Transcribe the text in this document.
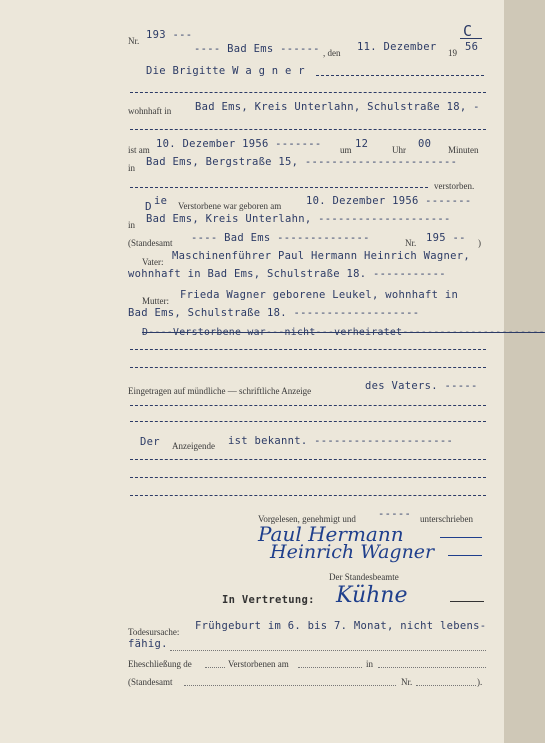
Nr. 193 ---	C
---- Bad Ems ------ , den 11. Dezember 19 56
Die Brigitte W a g n e r
wohnhaft in Bad Ems, Kreis Unterlahn, Schulstraße 18, -
ist am 10. Dezember 1956 ------- um 12	Uhr 00 Minuten
in Bad Ems, Bergstraße 15, -----------------------
verstorben.
D ie Verstorbene war geboren am 10. Dezember 1956 -------
in Bad Ems, Kreis Unterlahn, --------------------
(Standesamt ---- Bad Ems --------------	Nr. 195 -- )
Vater: Maschinenführer Paul Hermann Heinrich Wagner,
wohnhaft in Bad Ems, Schulstraße 18. -----------
Mutter: Frieda Wagner geborene Leukel, wohnhaft in
Bad Ems, Schulstraße 18. -------------------
D----Verstorbene war---nicht---verheiratet-----------------------
Eingetragen auf mündliche — schriftliche Anzeige	des Vaters. -----
Der Anzeigende ist bekannt. ---------------------
Vorgelesen, genehmigt und ----- unterschrieben
Paul Hermann
Heinrich Wagner
Der Standesbeamte
In Vertretung: Kühne
Todesursache: Frühgeburt im 6. bis 7. Monat, nicht lebens-
fähig.
Eheschließung de	Verstorbenen am	in
(Standesamt	Nr.	).
